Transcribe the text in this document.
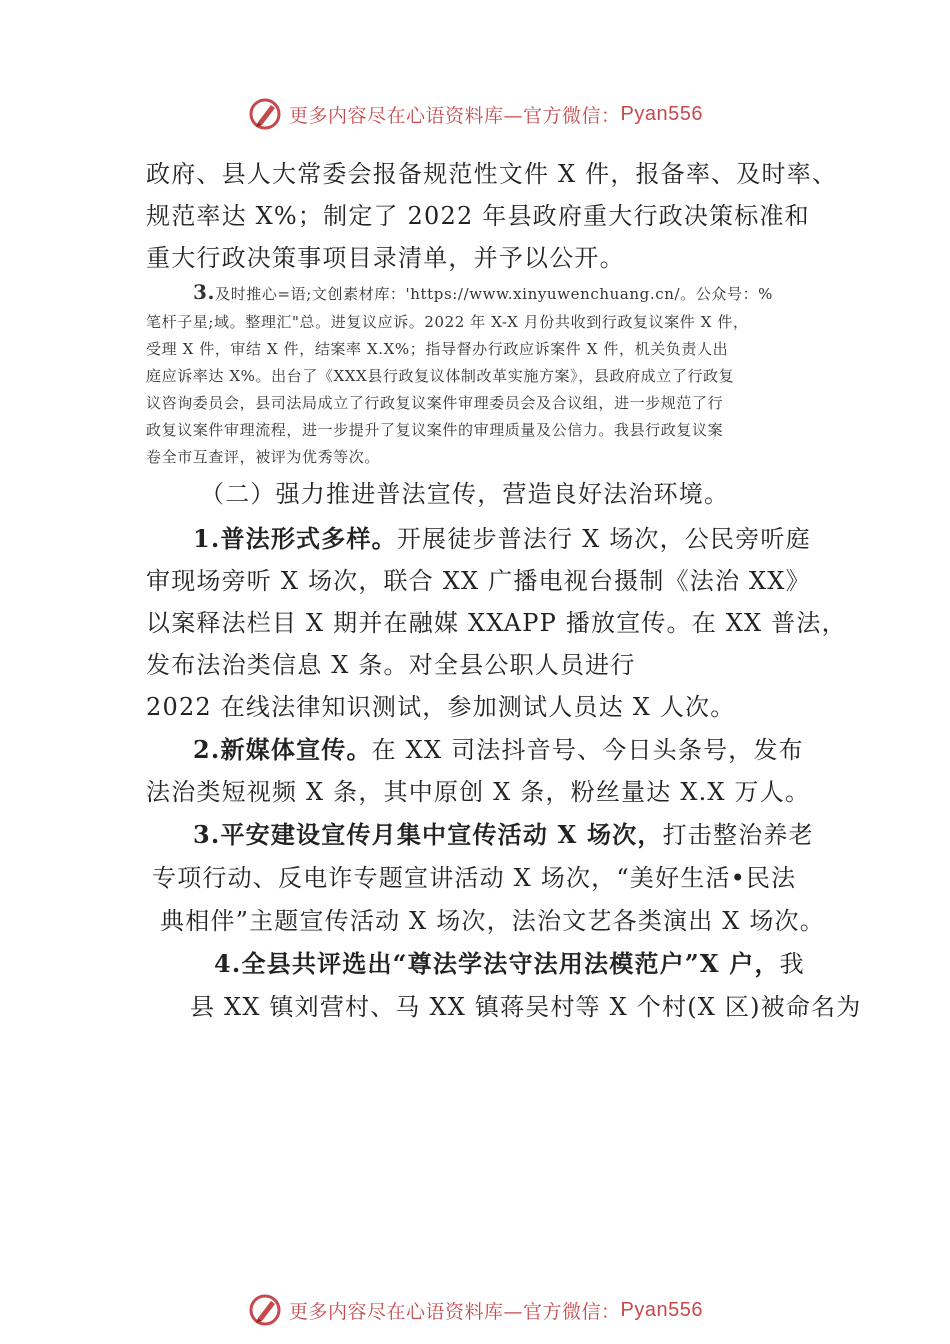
更多内容尽在心语资料库—官方微信： Pyan556

政府、县人大常委会报备规范性文件 X 件，报备率、及时率、

规范率达 X%；制定了 2022 年县政府重大行政决策标准和

重大行政决策事项目录清单，并予以公开。

3.及时推心=语;文创素材库：'https://www.xinyuwenchuang.cn/。公众号：%

笔杆子星;域。整理汇"总。进复议应诉。2022 年 X-X 月份共收到行政复议案件 X 件，

受理 X 件，审结 X 件，结案率 X.X%；指导督办行政应诉案件 X 件，机关负责人出

庭应诉率达 X%。出台了《XXX县行政复议体制改革实施方案》，县政府成立了行政复

议咨询委员会，县司法局成立了行政复议案件审理委员会及合议组，进一步规范了行

政复议案件审理流程，进一步提升了复议案件的审理质量及公信力。我县行政复议案

卷全市互查评，被评为优秀等次。

（二）强力推进普法宣传，营造良好法治环境。

1.普法形式多样。开展徒步普法行 X 场次，公民旁听庭

审现场旁听 X 场次，联合 XX 广播电视台摄制《法治 XX》

以案释法栏目 X 期并在融媒 XXAPP 播放宣传。在 XX 普法，

发布法治类信息 X 条。对全县公职人员进行

2022 在线法律知识测试，参加测试人员达 X 人次。

2.新媒体宣传。在 XX 司法抖音号、今日头条号，发布

法治类短视频 X 条，其中原创 X 条，粉丝量达 X.X 万人。

3.平安建设宣传月集中宣传活动 X 场次，打击整治养老

专项行动、反电诈专题宣讲活动 X 场次，“美好生活•民法

典相伴”主题宣传活动 X 场次，法治文艺各类演出 X 场次。

4.全县共评选出“尊法学法守法用法模范户”X 户，我

县 XX 镇刘营村、马 XX 镇蒋吴村等 X 个村(X 区)被命名为

更多内容尽在心语资料库—官方微信： Pyan556
